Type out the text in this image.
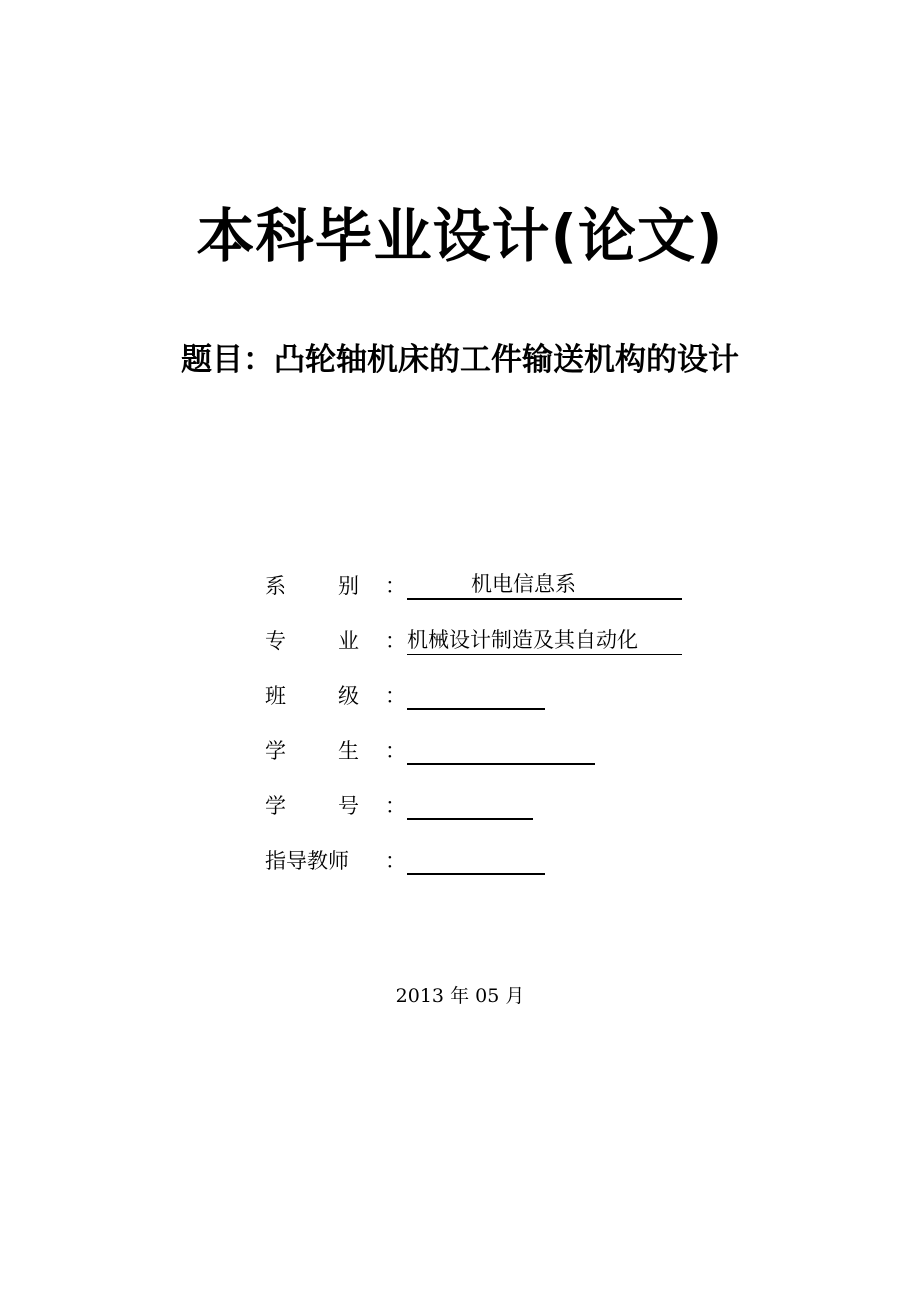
本科毕业设计(论文)
题目：凸轮轴机床的工件输送机构的设计
系 别 ：	机电信息系
专 业 ： 机械设计制造及其自动化
班 级 ：
学 生 ：
学 号 ：
指导教师 ：
2013 年 05 月
